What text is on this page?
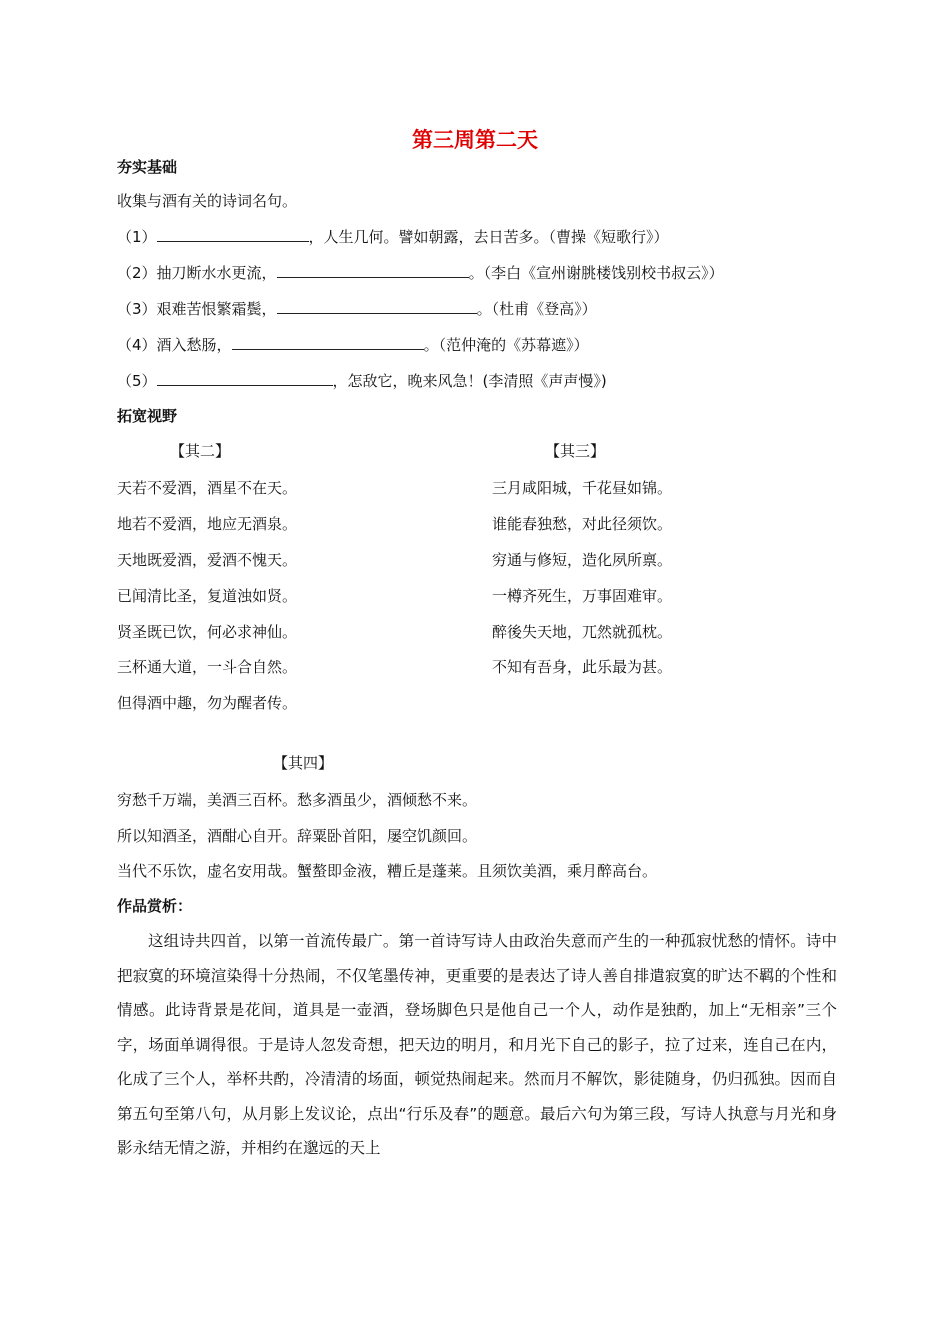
第三周第二天
夯实基础
收集与酒有关的诗词名句。
（1）	，人生几何。譬如朝露，去日苦多。（曹操《短歌行》）
（2）抽刀断水水更流，	。（李白《宣州谢朓楼饯别校书叔云》）
（3）艰难苦恨繁霜鬓，	。（杜甫《登高》）
（4）酒入愁肠，	。（范仲淹的《苏幕遮》）
（5）	，怎敌它，晚来风急！(李清照《声声慢》)
拓宽视野
【其二】
天若不爱酒，酒星不在天。
地若不爱酒，地应无酒泉。
天地既爱酒，爱酒不愧天。
已闻清比圣，复道浊如贤。
贤圣既已饮，何必求神仙。
三杯通大道，一斗合自然。
但得酒中趣，勿为醒者传。
【其三】
三月咸阳城，千花昼如锦。
谁能春独愁，对此径须饮。
穷通与修短，造化夙所禀。
一樽齐死生，万事固难审。
醉後失天地，兀然就孤枕。
不知有吾身，此乐最为甚。
【其四】
穷愁千万端，美酒三百杯。愁多酒虽少，酒倾愁不来。
所以知酒圣，酒酣心自开。辞粟卧首阳，屡空饥颜回。
当代不乐饮，虚名安用哉。蟹螯即金液，糟丘是蓬莱。且须饮美酒，乘月醉高台。
作品赏析：
这组诗共四首，以第一首流传最广。第一首诗写诗人由政治失意而产生的一种孤寂忧愁的情怀。诗中把寂寞的环境渲染得十分热闹，不仅笔墨传神，更重要的是表达了诗人善自排遣寂寞的旷达不羁的个性和情感。此诗背景是花间，道具是一壶酒，登场脚色只是他自己一个人，动作是独酌，加上“无相亲”三个字，场面单调得很。于是诗人忽发奇想，把天边的明月，和月光下自己的影子，拉了过来，连自己在内，化成了三个人，举杯共酌，冷清清的场面，顿觉热闹起来。然而月不解饮，影徒随身，仍归孤独。因而自第五句至第八句，从月影上发议论，点出“行乐及春”的题意。最后六句为第三段，写诗人执意与月光和身影永结无情之游，并相约在邈远的天上
